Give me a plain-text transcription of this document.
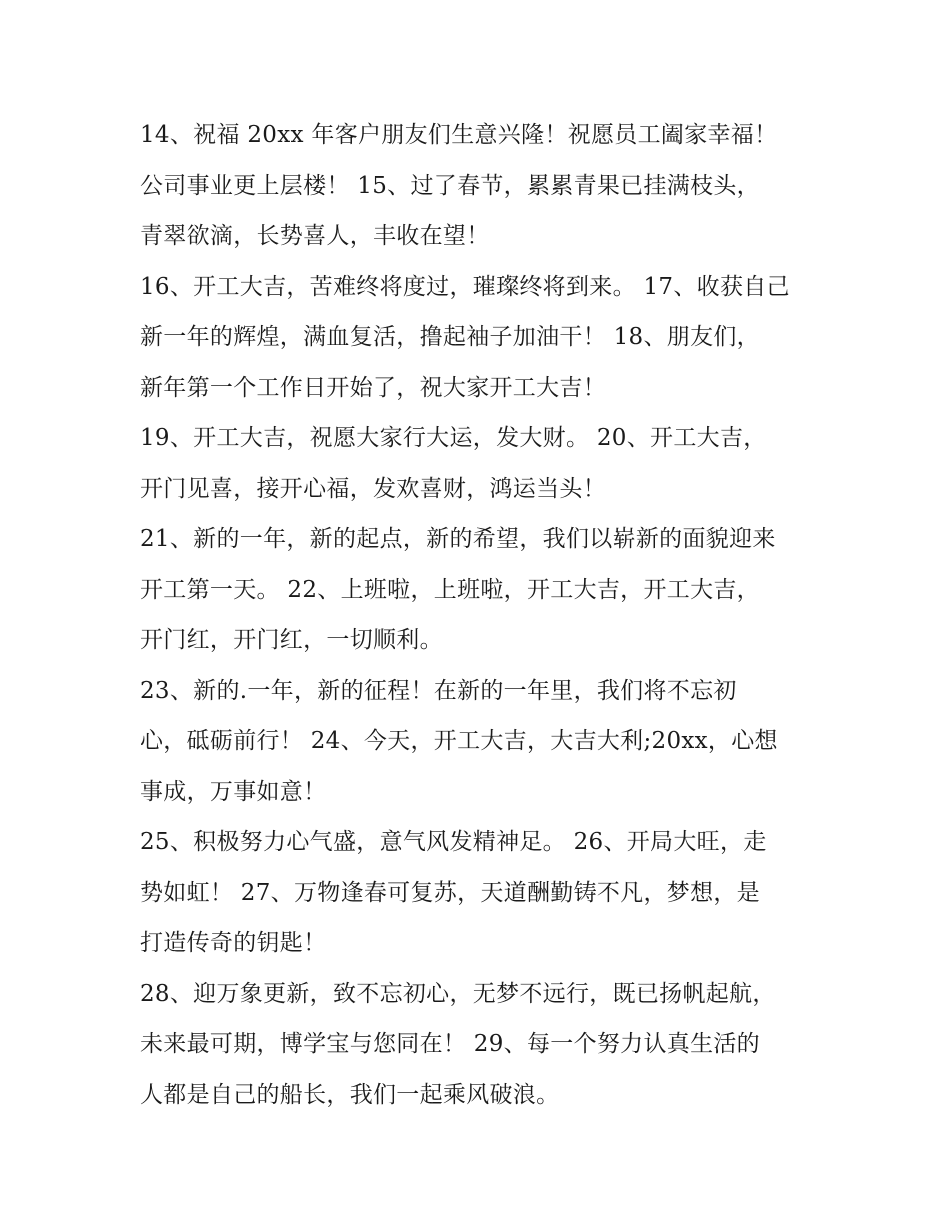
14、祝福 20xx 年客户朋友们生意兴隆！祝愿员工阖家幸福！
公司事业更上层楼！ 15、过了春节，累累青果已挂满枝头，
青翠欲滴，长势喜人，丰收在望！
16、开工大吉，苦难终将度过，璀璨终将到来。 17、收获自己
新一年的辉煌，满血复活，撸起袖子加油干！ 18、朋友们，
新年第一个工作日开始了，祝大家开工大吉！
19、开工大吉，祝愿大家行大运，发大财。 20、开工大吉，
开门见喜，接开心福，发欢喜财，鸿运当头！
21、新的一年，新的起点，新的希望，我们以崭新的面貌迎来
开工第一天。 22、上班啦，上班啦，开工大吉，开工大吉，
开门红，开门红，一切顺利。
23、新的.一年，新的征程！在新的一年里，我们将不忘初
心，砥砺前行！ 24、今天，开工大吉，大吉大利;20xx，心想
事成，万事如意！
25、积极努力心气盛，意气风发精神足。 26、开局大旺，走
势如虹！ 27、万物逢春可复苏，天道酬勤铸不凡，梦想，是
打造传奇的钥匙！
28、迎万象更新，致不忘初心，无梦不远行，既已扬帆起航，
未来最可期，博学宝与您同在！ 29、每一个努力认真生活的
人都是自己的船长，我们一起乘风破浪。
